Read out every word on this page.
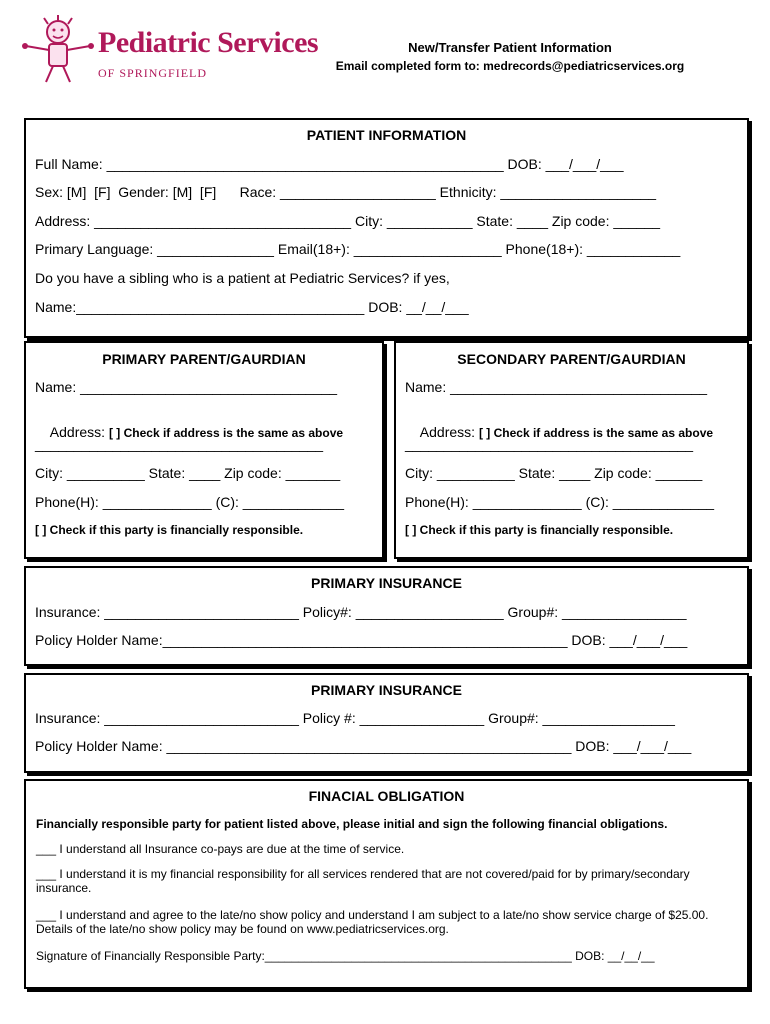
Pediatric Services
OF SPRINGFIELD
New/Transfer Patient Information
Email completed form to: medrecords@pediatricservices.org
PATIENT INFORMATION
Full Name: ___________________________________________________ DOB: ___/___/___
Sex: [M]  [F]  Gender: [M]  [F]      Race: ____________________ Ethnicity: ____________________
Address: _________________________________ City: ___________ State: ____ Zip code: ______
Primary Language: _______________ Email(18+): ___________________ Phone(18+): ____________
Do you have a sibling who is a patient at Pediatric Services? if yes,
Name:_____________________________________ DOB: __/__/___
PRIMARY PARENT/GAURDIAN
Name: _________________________________

Address: [ ] Check if address is the same as above

_____________________________________
City: __________ State: ____ Zip code: _______
Phone(H): ______________ (C): _____________
[ ] Check if this party is financially responsible.
SECONDARY PARENT/GAURDIAN
Name: _________________________________

Address: [ ] Check if address is the same as above

_____________________________________
City: __________ State: ____ Zip code: ______
Phone(H): ______________ (C): _____________
[ ] Check if this party is financially responsible.
PRIMARY INSURANCE
Insurance: _________________________ Policy#: ___________________ Group#: ________________
Policy Holder Name:____________________________________________________ DOB: ___/___/___
PRIMARY INSURANCE
Insurance: _________________________ Policy #: ________________ Group#: _________________
Policy Holder Name: ____________________________________________________ DOB: ___/___/___
FINACIAL OBLIGATION
Financially responsible party for patient listed above, please initial and sign the following financial obligations.
___ I understand all Insurance co-pays are due at the time of service.
___ I understand it is my financial responsibility for all services rendered that are not covered/paid for by primary/secondary insurance.
___ I understand and agree to the late/no show policy and understand I am subject to a late/no show service charge of $25.00. Details of the late/no show policy may be found on www.pediatricservices.org.
Signature of Financially Responsible Party:______________________________________________ DOB: __/__/__
